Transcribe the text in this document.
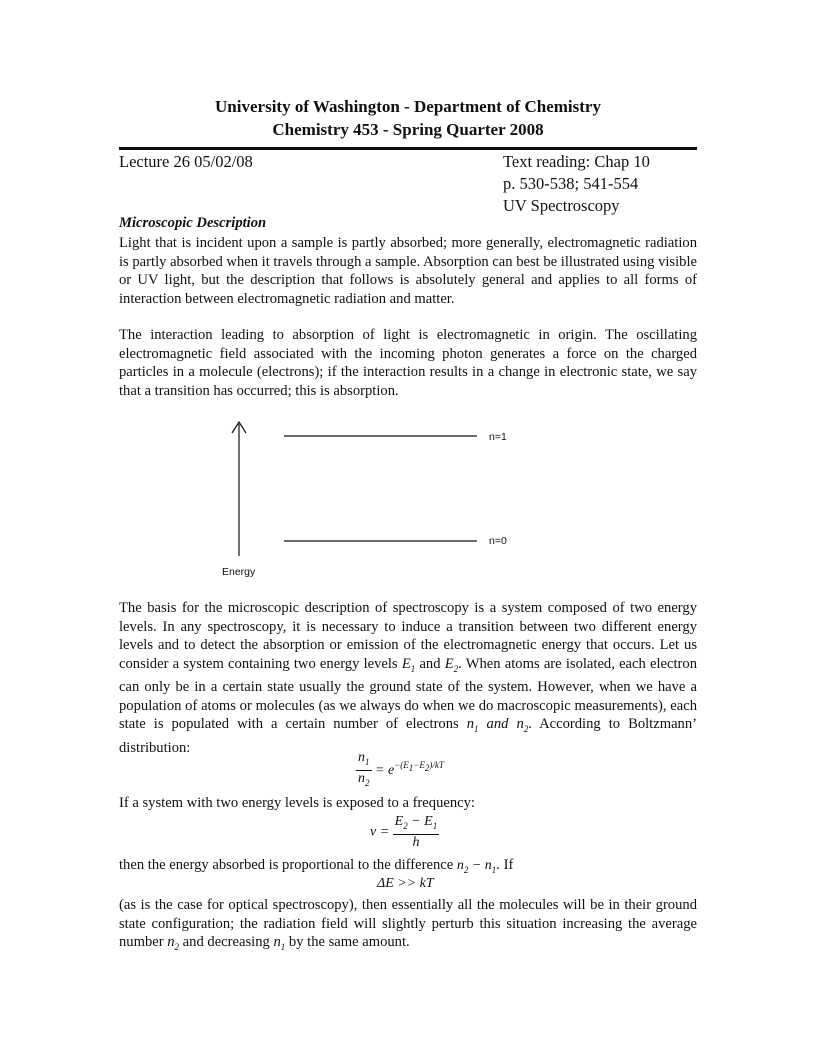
University of Washington - Department of Chemistry
Chemistry 453 - Spring Quarter 2008
Lecture 26 05/02/08	Text reading: Chap 10
p. 530-538; 541-554
UV Spectroscopy
Microscopic Description
Light that is incident upon a sample is partly absorbed; more generally, electromagnetic radiation is partly absorbed when it travels through a sample. Absorption can best be illustrated using visible or UV light, but the description that follows is absolutely general and applies to all forms of interaction between electromagnetic radiation and matter.
The interaction leading to absorption of light is electromagnetic in origin. The oscillating electromagnetic field associated with the incoming photon generates a force on the charged particles in a molecule (electrons); if the interaction results in a change in electronic state, we say that a transition has occurred; this is absorption.
n=1
n=0
Energy
The basis for the microscopic description of spectroscopy is a system composed of two energy levels. In any spectroscopy, it is necessary to induce a transition between two different energy levels and to detect the absorption or emission of the electromagnetic energy that occurs. Let us consider a system containing two energy levels $E_1$ and $E_2$. When atoms are isolated, each electron can only be in a certain state usually the ground state of the system. However, when we have a population of atoms or molecules (as we always do when we do macroscopic measurements), each state is populated with a certain number of electrons $n_1$ and $n_2$. According to Boltzmann’ distribution:
$\frac{n_1}{n_2} = e^{-(E_1-E_2)/kT}$
If a system with two energy levels is exposed to a frequency:
$\nu = \frac{E_2 - E_1}{h}$
then the energy absorbed is proportional to the difference $n_2 - n_1$. If
ΔE >> kT
(as is the case for optical spectroscopy), then essentially all the molecules will be in their ground state configuration; the radiation field will slightly perturb this situation increasing the average number $n_2$ and decreasing $n_1$ by the same amount.
